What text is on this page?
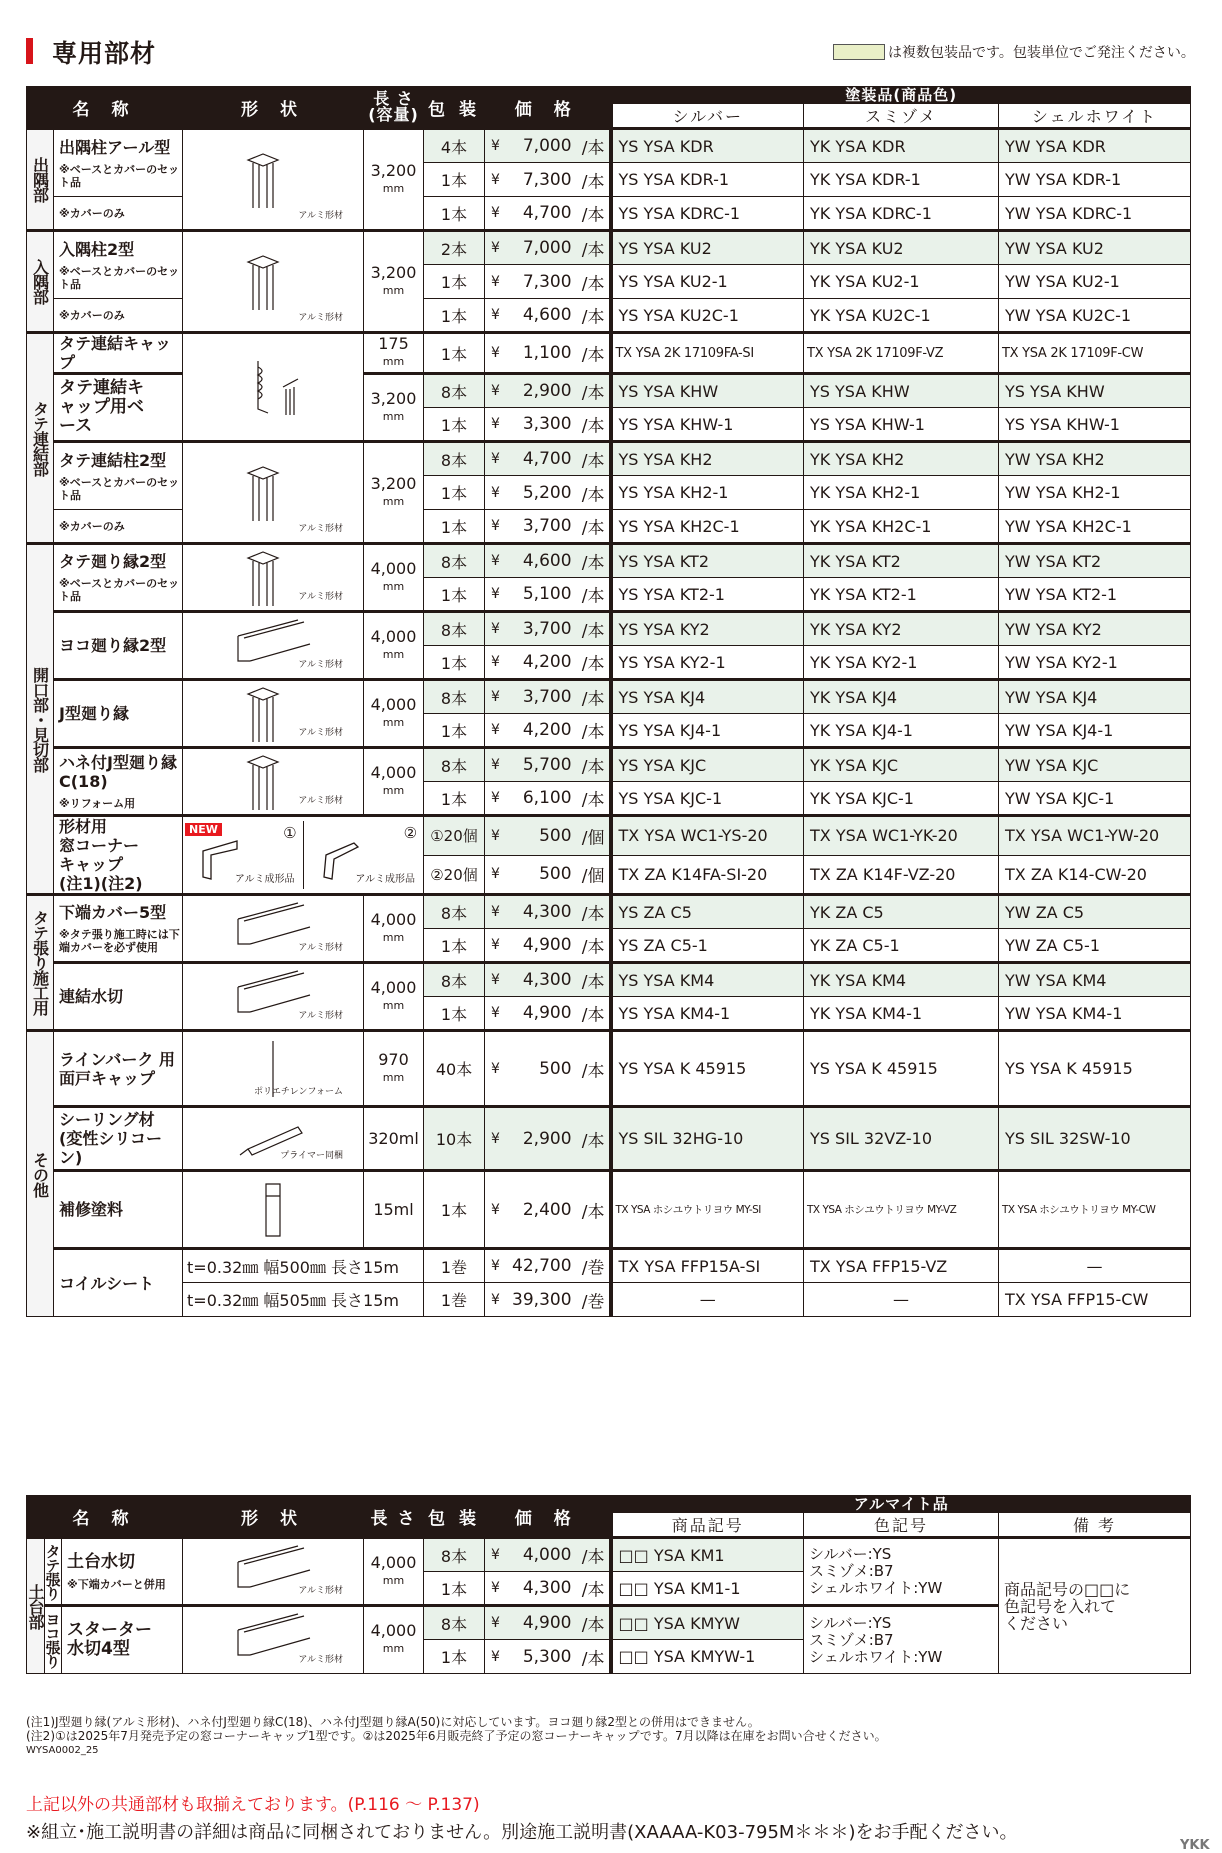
専用部材	は複数包装品です。包装単位でご発注ください。
名 称		形 状	長 さ
(容量)	包 装	価 格	塗装品(商品色)		
						シルバー	スミゾメ	シェルホワイト
出隅部	出隅柱アール型
※ベースとカバーのセット品	アルミ形材	3,200
mm	4本	¥ 7,000 /本	YS YSA KDR	YK YSA KDR	YW YSA KDR
				1本	¥ 7,300 /本	YS YSA KDR-1	YK YSA KDR-1	YW YSA KDR-1
	※カバーのみ			1本	¥ 4,700 /本	YS YSA KDRC-1	YK YSA KDRC-1	YW YSA KDRC-1
入隅部	入隅柱2型
※ベースとカバーのセット品	アルミ形材	3,200
mm	2本	¥ 7,000 /本	YS YSA KU2	YK YSA KU2	YW YSA KU2
				1本	¥ 7,300 /本	YS YSA KU2-1	YK YSA KU2-1	YW YSA KU2-1
	※カバーのみ			1本	¥ 4,600 /本	YS YSA KU2C-1	YK YSA KU2C-1	YW YSA KU2C-1
タテ連結部	タテ連結キャップ		175
mm	1本	¥ 1,100 /本	TX YSA 2K 17109FA-SI	TX YSA 2K 17109F-VZ	TX YSA 2K 17109F-CW

	タテ連結キャップ用ベース		3,200
mm	8本	¥ 2,900 /本	YS YSA KHW	YS YSA KHW	YS YSA KHW
				1本	¥ 3,300 /本	YS YSA KHW-1	YS YSA KHW-1	YS YSA KHW-1
	タテ連結柱2型
※ベースとカバーのセット品	アルミ形材	3,200
mm	8本	¥ 4,700 /本	YS YSA KH2	YK YSA KH2	YW YSA KH2
				1本	¥ 5,200 /本	YS YSA KH2-1	YK YSA KH2-1	YW YSA KH2-1
	※カバーのみ			1本	¥ 3,700 /本	YS YSA KH2C-1	YK YSA KH2C-1	YW YSA KH2C-1
開口部・見切部	タテ廻り縁2型
※ベースとカバーのセット品	アルミ形材	4,000
mm	8本	¥ 4,600 /本	YS YSA KT2	YK YSA KT2	YW YSA KT2
				1本	¥ 5,100 /本	YS YSA KT2-1	YK YSA KT2-1	YW YSA KT2-1
	ヨコ廻り縁2型	アルミ形材	4,000
mm	8本	¥ 3,700 /本	YS YSA KY2	YK YSA KY2	YW YSA KY2
				1本	¥ 4,200 /本	YS YSA KY2-1	YK YSA KY2-1	YW YSA KY2-1
	J型廻り縁	アルミ形材	4,000
mm	8本	¥ 3,700 /本	YS YSA KJ4	YK YSA KJ4	YW YSA KJ4
				1本	¥ 4,200 /本	YS YSA KJ4-1	YK YSA KJ4-1	YW YSA KJ4-1
	ハネ付J型廻り縁C(18)
※リフォーム用	アルミ形材	4,000
mm	8本	¥ 5,700 /本	YS YSA KJC	YK YSA KJC	YW YSA KJC
				1本	¥ 6,100 /本	YS YSA KJC-1	YK YSA KJC-1	YW YSA KJC-1

形材用
窓コーナー
キャップ
(注1)(注2)

NEW	①
アルミ成形品
②
アルミ成形品
	①20個	¥ 500 /個	TX YSA WC1-YS-20	TX YSA WC1-YK-20	TX YSA WC1-YW-20
				②20個	¥ 500 /個	TX ZA K14FA-SI-20	TX ZA K14F-VZ-20	TX ZA K14-CW-20
タテ張り施工用	下端カバー5型
※タテ張り施工時には下端カバーを必ず使用	アルミ形材	4,000
mm	8本	¥ 4,300 /本	YS ZA C5	YK ZA C5	YW ZA C5
				1本	¥ 4,900 /本	YS ZA C5-1	YK ZA C5-1	YW ZA C5-1
	連結水切	アルミ形材	4,000
mm	8本	¥ 4,300 /本	YS YSA KM4	YK YSA KM4	YW YSA KM4
				1本	¥ 4,900 /本	YS YSA KM4-1	YK YSA KM4-1	YW YSA KM4-1
その他	ラインバーク 用
面戸キャップ	ポリエチレンフォーム	970
mm	40本	¥ 500 /本	YS YSA K 45915	YS YSA K 45915	YS YSA K 45915

	シーリング材
(変性シリコーン)	プライマー同梱	320ml	10本	¥ 2,900 /本	YS SIL 32HG-10	YS SIL 32VZ-10	YS SIL 32SW-10
	補修塗料		15ml	1本	¥ 2,400 /本	TX YSA ホシユウトリヨウ MY-SI	TX YSA ホシユウトリヨウ MY-VZ	TX YSA ホシユウトリヨウ MY-CW
	コイルシート	t=0.32㎜ 幅500㎜ 長さ15m		1巻	¥ 42,700 /巻	TX YSA FFP15A-SI	TX YSA FFP15-VZ	—
		t=0.32㎜ 幅505㎜ 長さ15m		1巻	¥ 39,300 /巻	—	—	TX YSA FFP15-CW
名 称			形 状	長 さ	包 装	価 格	アルマイト品		
							商品記号	色記号	備 考
土台部	タテ張り	土台水切
※下端カバーと併用	アルミ形材	4,000
mm	8本	¥ 4,000 /本	□□ YSA KM1	シルバー:YS
スミゾメ:B7
シェルホワイト:YW	商品記号の□□に
色記号を入れて
ください

					1本	¥ 4,300 /本	□□ YSA KM1-1		
	ヨコ張り	スターター
水切4型	アルミ形材	4,000
mm	8本	¥ 4,900 /本	□□ YSA KMYW	シルバー:YS
スミゾメ:B7
シェルホワイト:YW	

					1本	¥ 5,300 /本	□□ YSA KMYW-1		
(注1)J型廻り縁(アルミ形材)、ハネ付J型廻り縁C(18)、ハネ付J型廻り縁A(50)に対応しています。ヨコ廻り縁2型との併用はできません。
(注2)①は2025年7月発売予定の窓コーナーキャップ1型です。②は2025年6月販売終了予定の窓コーナーキャップです。7月以降は在庫をお問い合せください。
WYSA0002_25
上記以外の共通部材も取揃えております。(P.116 ～ P.137)
※組立･施工説明書の詳細は商品に同梱されておりません。別途施工説明書(XAAAA-K03-795M＊＊＊)をお手配ください。
YKK
